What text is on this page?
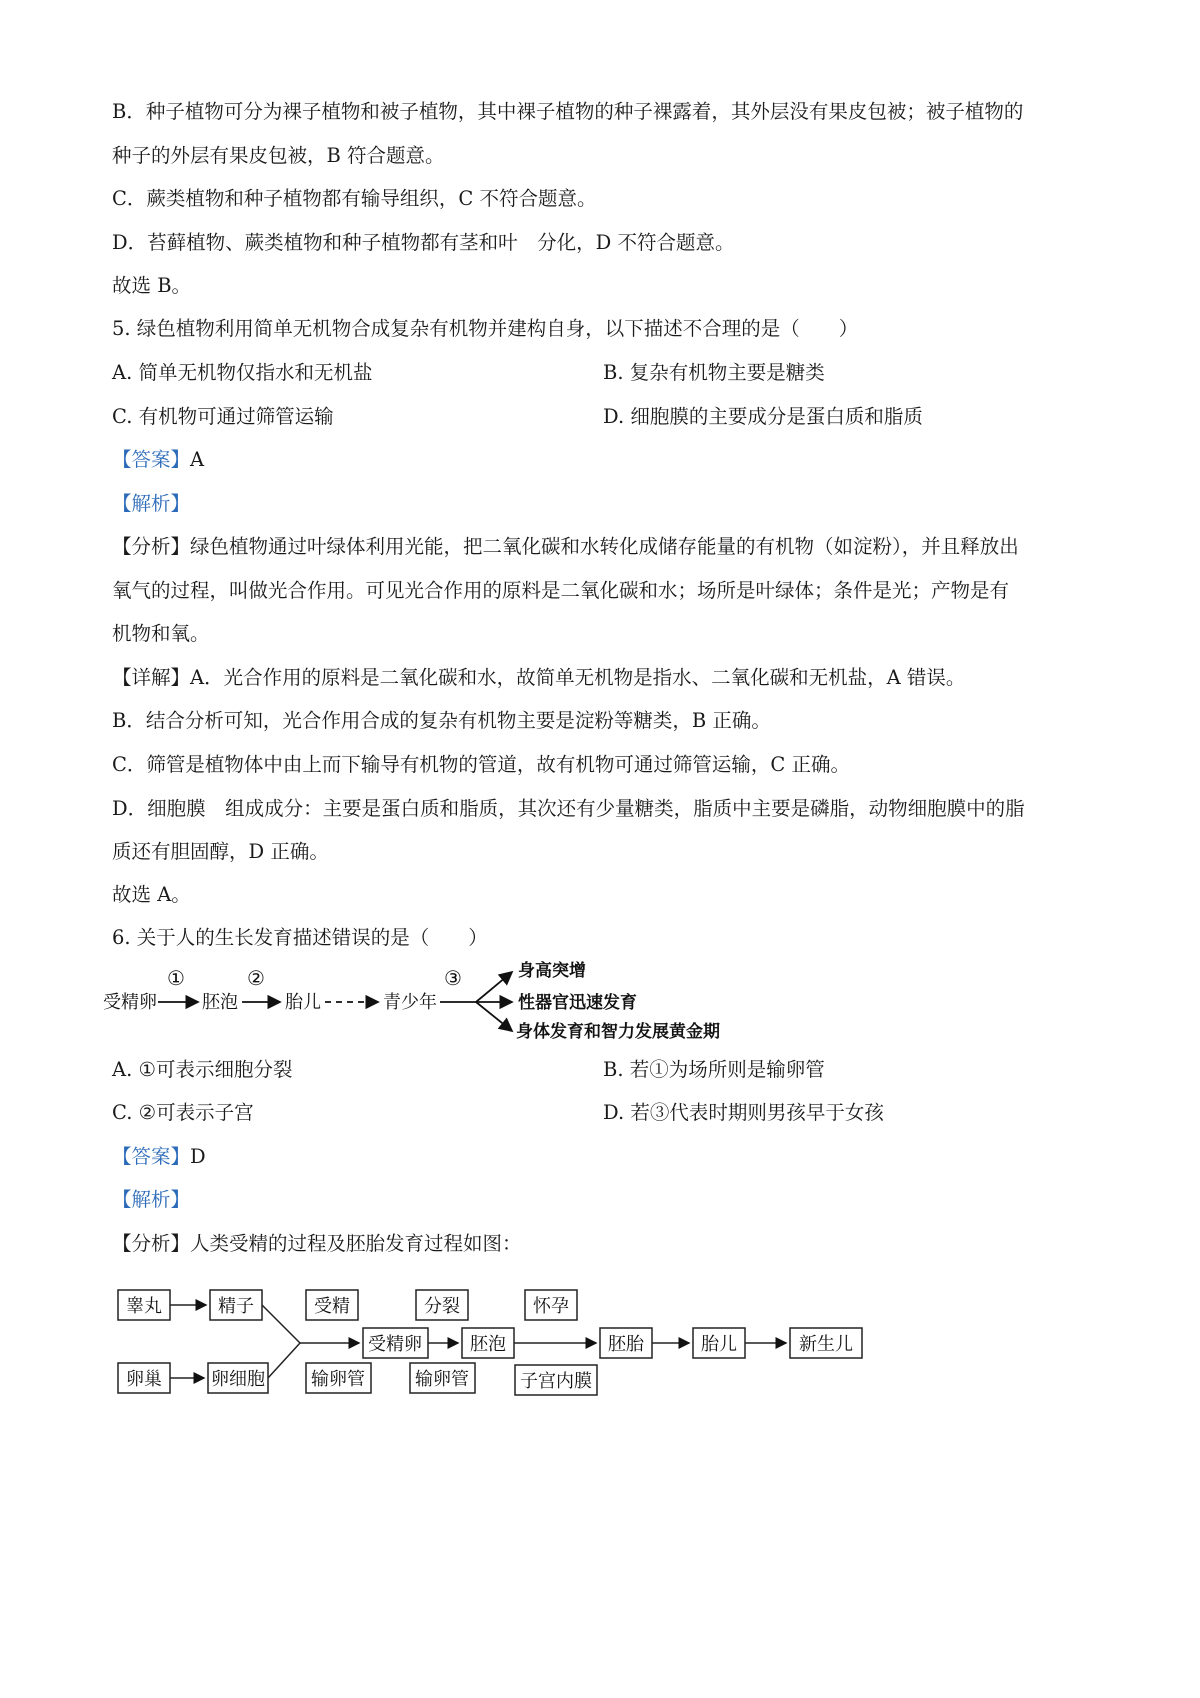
B．种子植物可分为裸子植物和被子植物，其中裸子植物的种子裸露着，其外层没有果皮包被；被子植物的
种子的外层有果皮包被，B 符合题意。
C．蕨类植物和种子植物都有输导组织，C 不符合题意。
D．苔藓植物、蕨类植物和种子植物都有茎和叶　分化，D 不符合题意。
故选 B。
5. 绿色植物利用简单无机物合成复杂有机物并建构自身，以下描述不合理的是（　　）
A. 简单无机物仅指水和无机盐	B. 复杂有机物主要是糖类
C. 有机物可通过筛管运输	D. 细胞膜的主要成分是蛋白质和脂质
【答案】A
【解析】
【分析】绿色植物通过叶绿体利用光能，把二氧化碳和水转化成储存能量的有机物（如淀粉），并且释放出
氧气的过程，叫做光合作用。可见光合作用的原料是二氧化碳和水；场所是叶绿体；条件是光；产物是有
机物和氧。
【详解】A．光合作用的原料是二氧化碳和水，故简单无机物是指水、二氧化碳和无机盐，A 错误。
B．结合分析可知，光合作用合成的复杂有机物主要是淀粉等糖类，B 正确。
C．筛管是植物体中由上而下输导有机物的管道，故有机物可通过筛管运输，C 正确。
D．细胞膜　组成成分：主要是蛋白质和脂质，其次还有少量糖类，脂质中主要是磷脂，动物细胞膜中的脂
质还有胆固醇，D 正确。
故选 A。
6. 关于人的生长发育描述错误的是（　　）
受精卵
①
胚泡
②
胎儿	青少年
③	身高突增
性器官迅速发育
身体发育和智力发展黄金期
A. ①可表示细胞分裂	B. 若①为场所则是输卵管
C. ②可表示子宫	D. 若③代表时期则男孩早于女孩
【答案】D
【解析】
【分析】人类受精的过程及胚胎发育过程如图：
睾丸	精子
卵巢	卵细胞
受精
输卵管
受精卵
分裂
胚泡
输卵管
怀孕
子宫内膜
胚胎	胎儿	新生儿
